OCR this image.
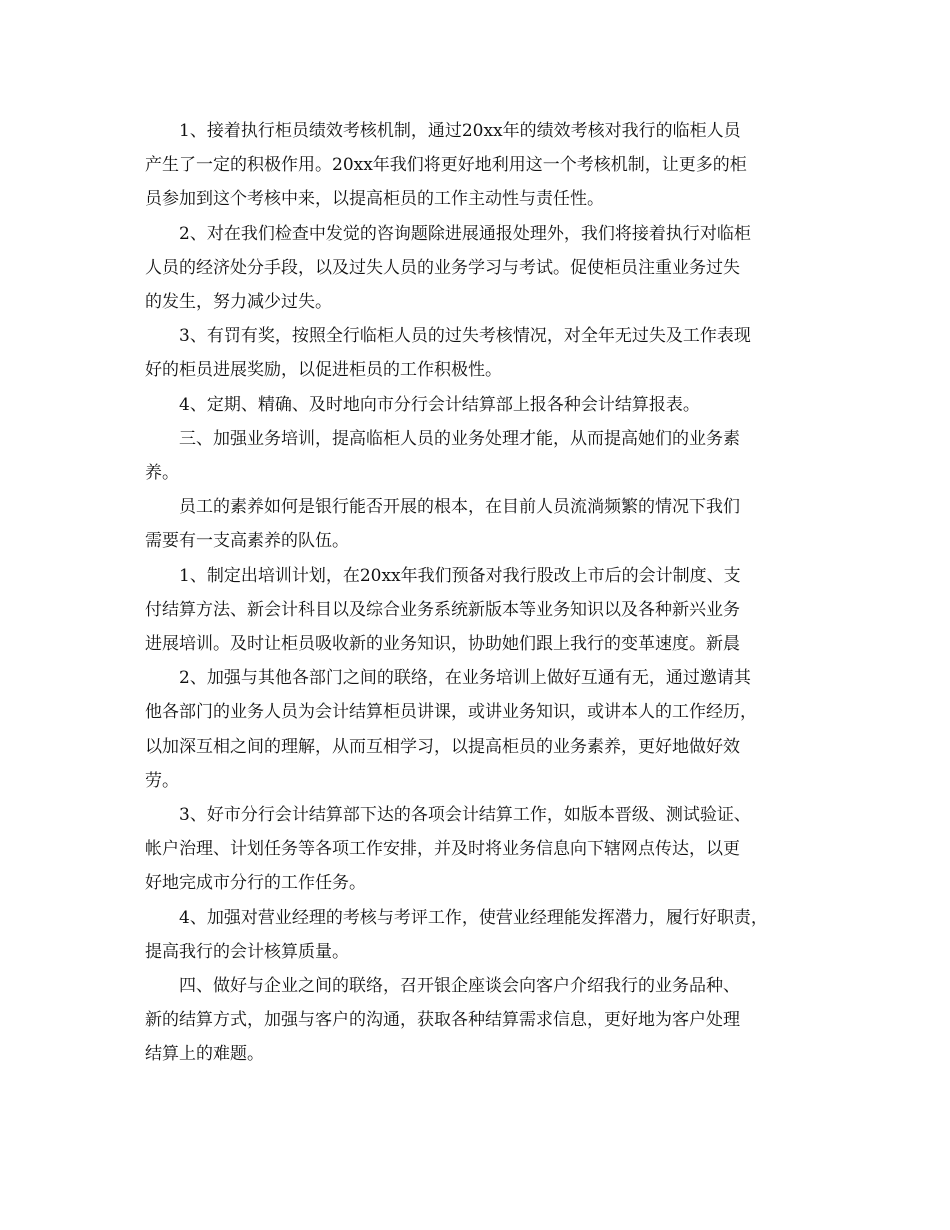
1、接着执行柜员绩效考核机制，通过20xx年的绩效考核对我行的临柜人员
产生了一定的积极作用。20xx年我们将更好地利用这一个考核机制，让更多的柜
员参加到这个考核中来，以提高柜员的工作主动性与责任性。

2、对在我们检查中发觉的咨询题除进展通报处理外，我们将接着执行对临柜
人员的经济处分手段，以及过失人员的业务学习与考试。促使柜员注重业务过失
的发生，努力减少过失。

3、有罚有奖，按照全行临柜人员的过失考核情况，对全年无过失及工作表现
好的柜员进展奖励，以促进柜员的工作积极性。

4、定期、精确、及时地向市分行会计结算部上报各种会计结算报表。

三、加强业务培训，提高临柜人员的业务处理才能，从而提高她们的业务素
养。

员工的素养如何是银行能否开展的根本，在目前人员流淌频繁的情况下我们
需要有一支高素养的队伍。

1、制定出培训计划，在20xx年我们预备对我行股改上市后的会计制度、支
付结算方法、新会计科目以及综合业务系统新版本等业务知识以及各种新兴业务
进展培训。及时让柜员吸收新的业务知识，协助她们跟上我行的变革速度。新晨

2、加强与其他各部门之间的联络，在业务培训上做好互通有无，通过邀请其
他各部门的业务人员为会计结算柜员讲课，或讲业务知识，或讲本人的工作经历，
以加深互相之间的理解，从而互相学习，以提高柜员的业务素养，更好地做好效
劳。

3、好市分行会计结算部下达的各项会计结算工作，如版本晋级、测试验证、
帐户治理、计划任务等各项工作安排，并及时将业务信息向下辖网点传达，以更
好地完成市分行的工作任务。

4、加强对营业经理的考核与考评工作，使营业经理能发挥潜力，履行好职责，
提高我行的会计核算质量。

四、做好与企业之间的联络，召开银企座谈会向客户介绍我行的业务品种、
新的结算方式，加强与客户的沟通，获取各种结算需求信息，更好地为客户处理
结算上的难题。
